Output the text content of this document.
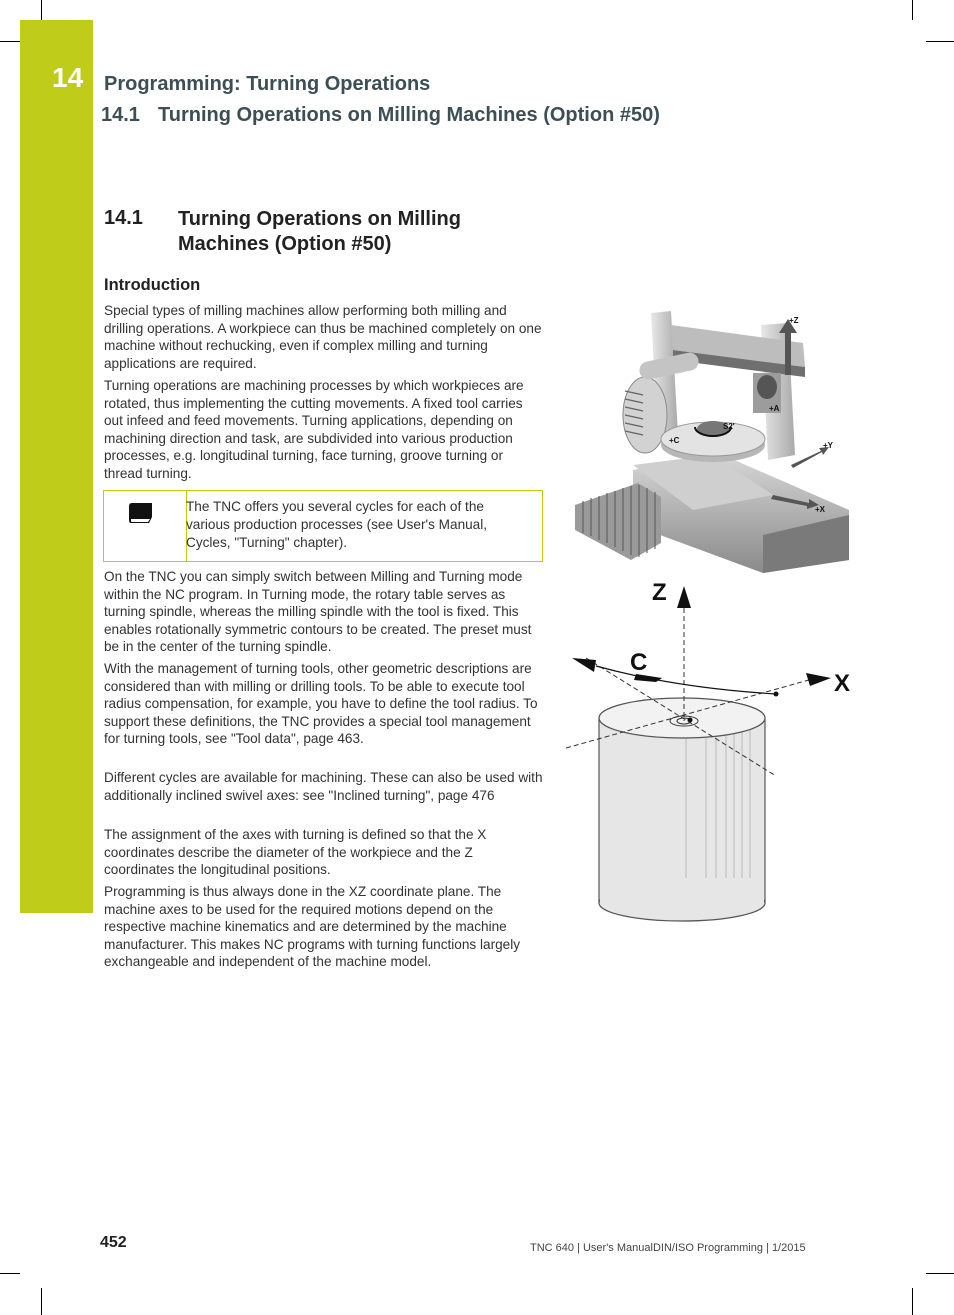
14 Programming: Turning Operations
14.1 Turning Operations on Milling Machines (Option #50)
14.1 Turning Operations on Milling Machines (Option #50)
Introduction

Special types of milling machines allow performing both milling and drilling operations. A workpiece can thus be machined completely on one machine without rechucking, even if complex milling and turning applications are required.

Turning operations are machining processes by which workpieces are rotated, thus implementing the cutting movements. A fixed tool carries out infeed and feed movements. Turning applications, depending on machining direction and task, are subdivided into various production processes, e.g. longitudinal turning, face turning, groove turning or thread turning.

The TNC offers you several cycles for each of the various production processes (see User's Manual, Cycles, "Turning" chapter).

On the TNC you can simply switch between Milling and Turning mode within the NC program. In Turning mode, the rotary table serves as turning spindle, whereas the milling spindle with the tool is fixed. This enables rotationally symmetric contours to be created. The preset must be in the center of the turning spindle.

With the management of turning tools, other geometric descriptions are considered than with milling or drilling tools. To be able to execute tool radius compensation, for example, you have to define the tool radius. To support these definitions, the TNC provides a special tool management for turning tools, see "Tool data", page 463.

Different cycles are available for machining. These can also be used with additionally inclined swivel axes: see "Inclined turning", page 476

The assignment of the axes with turning is defined so that the X coordinates describe the diameter of the workpiece and the Z coordinates the longitudinal positions.

Programming is thus always done in the XZ coordinate plane. The machine axes to be used for the required motions depend on the respective machine kinematics and are determined by the machine manufacturer. This makes NC programs with turning functions largely exchangeable and independent of the machine model.

+Z
+A
S2'
+C
+Y
+X
Z
C
X
452	TNC 640 | User's ManualDIN/ISO Programming | 1/2015
